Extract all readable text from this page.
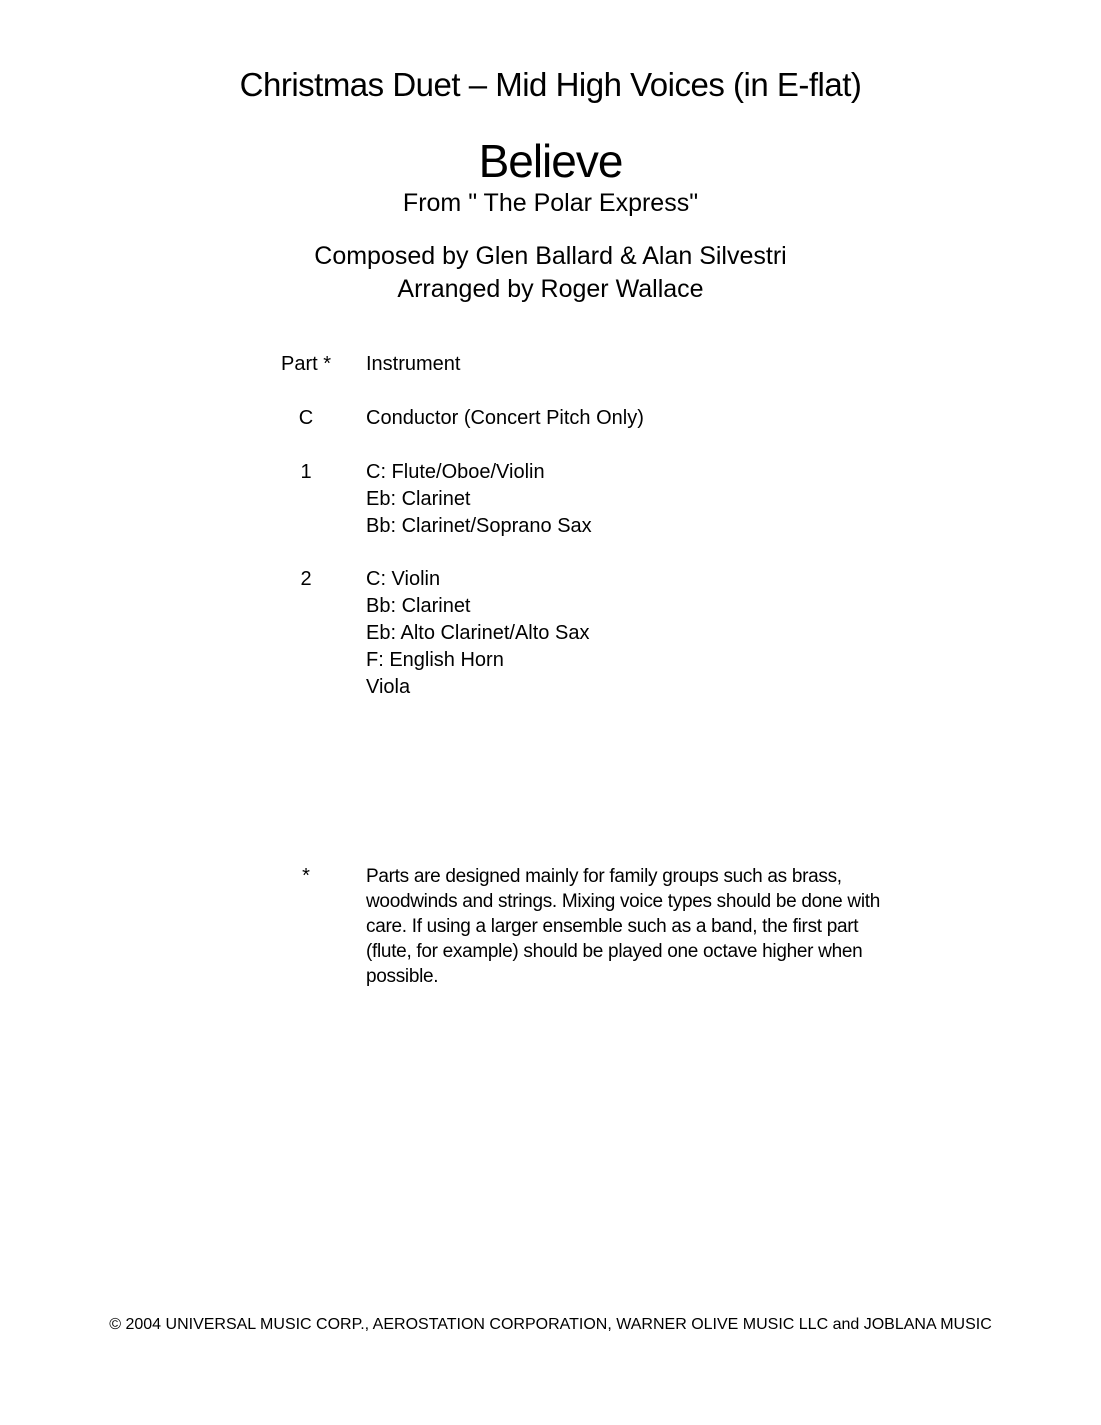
Christmas Duet – Mid High Voices (in E-flat)
Believe
From " The Polar Express"
Composed by Glen Ballard & Alan Silvestri
Arranged by Roger Wallace
Part * Instrument
C	Conductor (Concert Pitch Only)
1	C: Flute/Oboe/Violin
Eb: Clarinet
Bb: Clarinet/Soprano Sax
2	C: Violin
Bb: Clarinet
Eb: Alto Clarinet/Alto Sax
F: English Horn
Viola
*	Parts are designed mainly for family groups such as brass, woodwinds and strings. Mixing voice types should be done with care. If using a larger ensemble such as a band, the first part (flute, for example) should be played one octave higher when possible.
© 2004 UNIVERSAL MUSIC CORP., AEROSTATION CORPORATION, WARNER OLIVE MUSIC LLC and JOBLANA MUSIC
